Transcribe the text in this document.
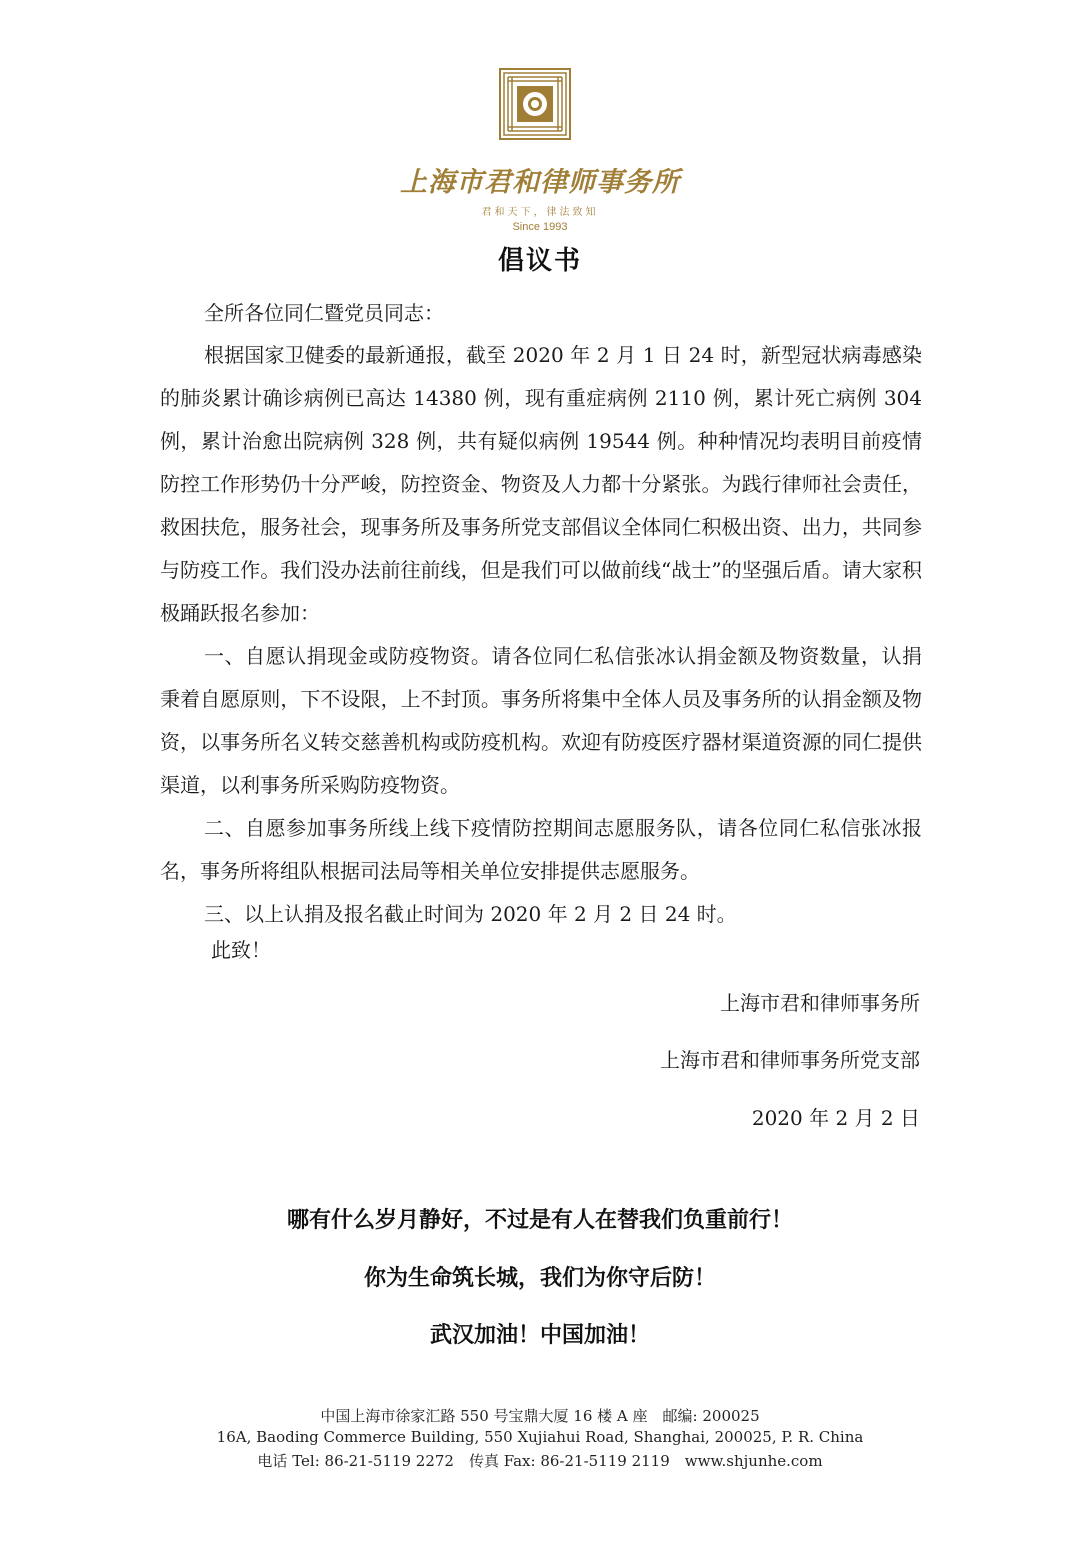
上海市君和律师事务所
君和天下，律法致知
Since 1993
倡议书
全所各位同仁暨党员同志：
根据国家卫健委的最新通报，截至 2020 年 2 月 1 日 24 时，新型冠状病毒感染的肺炎累计确诊病例已高达 14380 例，现有重症病例 2110 例，累计死亡病例 304 例，累计治愈出院病例 328 例，共有疑似病例 19544 例。种种情况均表明目前疫情防控工作形势仍十分严峻，防控资金、物资及人力都十分紧张。为践行律师社会责任，救困扶危，服务社会，现事务所及事务所党支部倡议全体同仁积极出资、出力，共同参与防疫工作。我们没办法前往前线，但是我们可以做前线“战士”的坚强后盾。请大家积极踊跃报名参加：
一、自愿认捐现金或防疫物资。请各位同仁私信张冰认捐金额及物资数量，认捐秉着自愿原则，下不设限，上不封顶。事务所将集中全体人员及事务所的认捐金额及物资，以事务所名义转交慈善机构或防疫机构。欢迎有防疫医疗器材渠道资源的同仁提供渠道，以利事务所采购防疫物资。
二、自愿参加事务所线上线下疫情防控期间志愿服务队，请各位同仁私信张冰报名，事务所将组队根据司法局等相关单位安排提供志愿服务。
三、以上认捐及报名截止时间为 2020 年 2 月 2 日 24 时。
此致！
上海市君和律师事务所
上海市君和律师事务所党支部
2020 年 2 月 2 日
哪有什么岁月静好，不过是有人在替我们负重前行！
你为生命筑长城，我们为你守后防！
武汉加油！中国加油！
中国上海市徐家汇路 550 号宝鼎大厦 16 楼 A 座　邮编: 200025
16A, Baoding Commerce Building, 550 Xujiahui Road, Shanghai, 200025, P. R. China
电话 Tel: 86-21-5119 2272　传真 Fax: 86-21-5119 2119　www.shjunhe.com
